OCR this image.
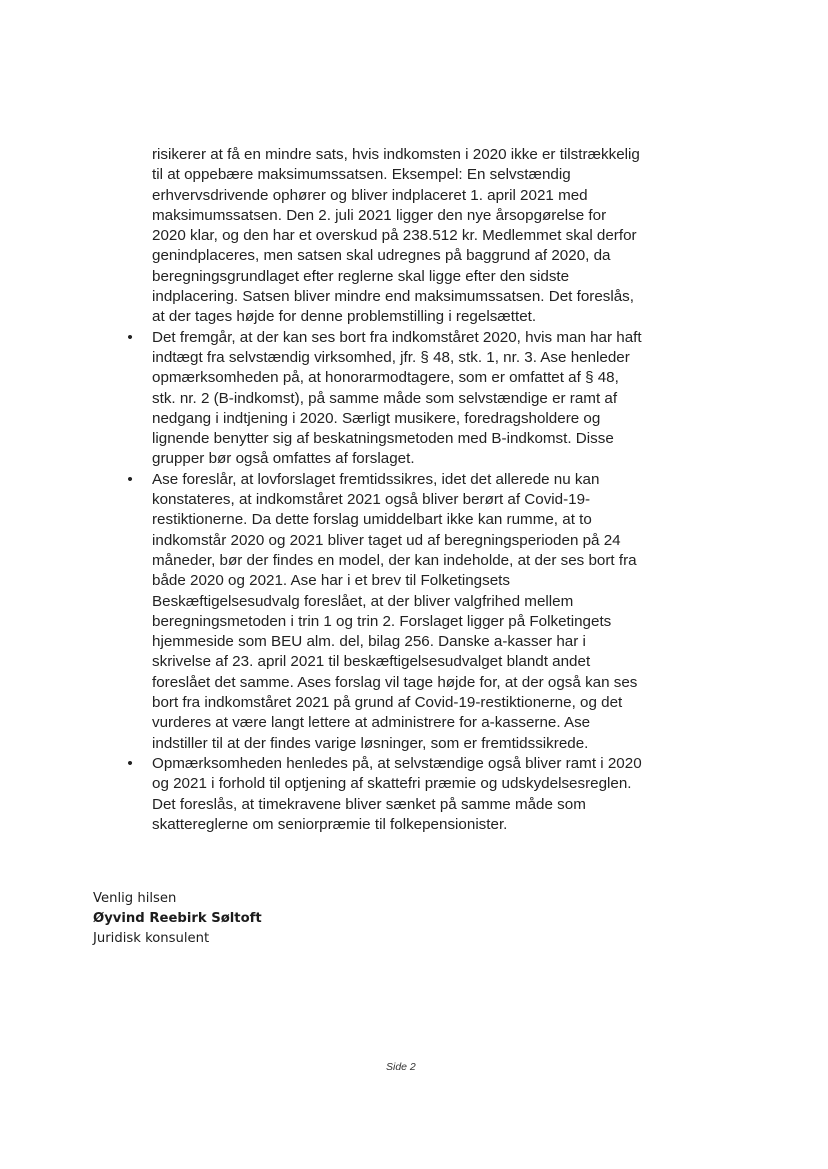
risikerer at få en mindre sats, hvis indkomsten i 2020 ikke er tilstrækkelig til at oppebære maksimumssatsen. Eksempel: En selvstændig erhvervsdrivende ophører og bliver indplaceret 1. april 2021 med maksimumssatsen. Den 2. juli 2021 ligger den nye årsopgørelse for 2020 klar, og den har et overskud på 238.512 kr. Medlemmet skal derfor genindplaceres, men satsen skal udregnes på baggrund af 2020, da beregningsgrundlaget efter reglerne skal ligge efter den sidste indplacering. Satsen bliver mindre end maksimumssatsen. Det foreslås, at der tages højde for denne problemstilling i regelsættet.

• Det fremgår, at der kan ses bort fra indkomståret 2020, hvis man har haft indtægt fra selvstændig virksomhed, jfr. § 48, stk. 1, nr. 3. Ase henleder opmærksomheden på, at honorarmodtagere, som er omfattet af § 48, stk. nr. 2 (B-indkomst), på samme måde som selvstændige er ramt af nedgang i indtjening i 2020. Særligt musikere, foredragsholdere og lignende benytter sig af beskatningsmetoden med B-indkomst. Disse grupper bør også omfattes af forslaget.
• Ase foreslår, at lovforslaget fremtidssikres, idet det allerede nu kan konstateres, at indkomståret 2021 også bliver berørt af Covid-19-restiktionerne. Da dette forslag umiddelbart ikke kan rumme, at to indkomstår 2020 og 2021 bliver taget ud af beregningsperioden på 24 måneder, bør der findes en model, der kan indeholde, at der ses bort fra både 2020 og 2021. Ase har i et brev til Folketingsets Beskæftigelsesudvalg foreslået, at der bliver valgfrihed mellem beregningsmetoden i trin 1 og trin 2. Forslaget ligger på Folketingets hjemmeside som BEU alm. del, bilag 256. Danske a-kasser har i skrivelse af 23. april 2021 til beskæftigelsesudvalget blandt andet foreslået det samme. Ases forslag vil tage højde for, at der også kan ses bort fra indkomståret 2021 på grund af Covid-19-restiktionerne, og det vurderes at være langt lettere at administrere for a-kasserne. Ase indstiller til at der findes varige løsninger, som er fremtidssikrede.
• Opmærksomheden henledes på, at selvstændige også bliver ramt i 2020 og 2021 i forhold til optjening af skattefri præmie og udskydelsesreglen. Det foreslås, at timekravene bliver sænket på samme måde som skattereglerne om seniorpræmie til folkepensionister.
Venlig hilsen
Øyvind Reebirk Søltoft
Juridisk konsulent
Side 2
